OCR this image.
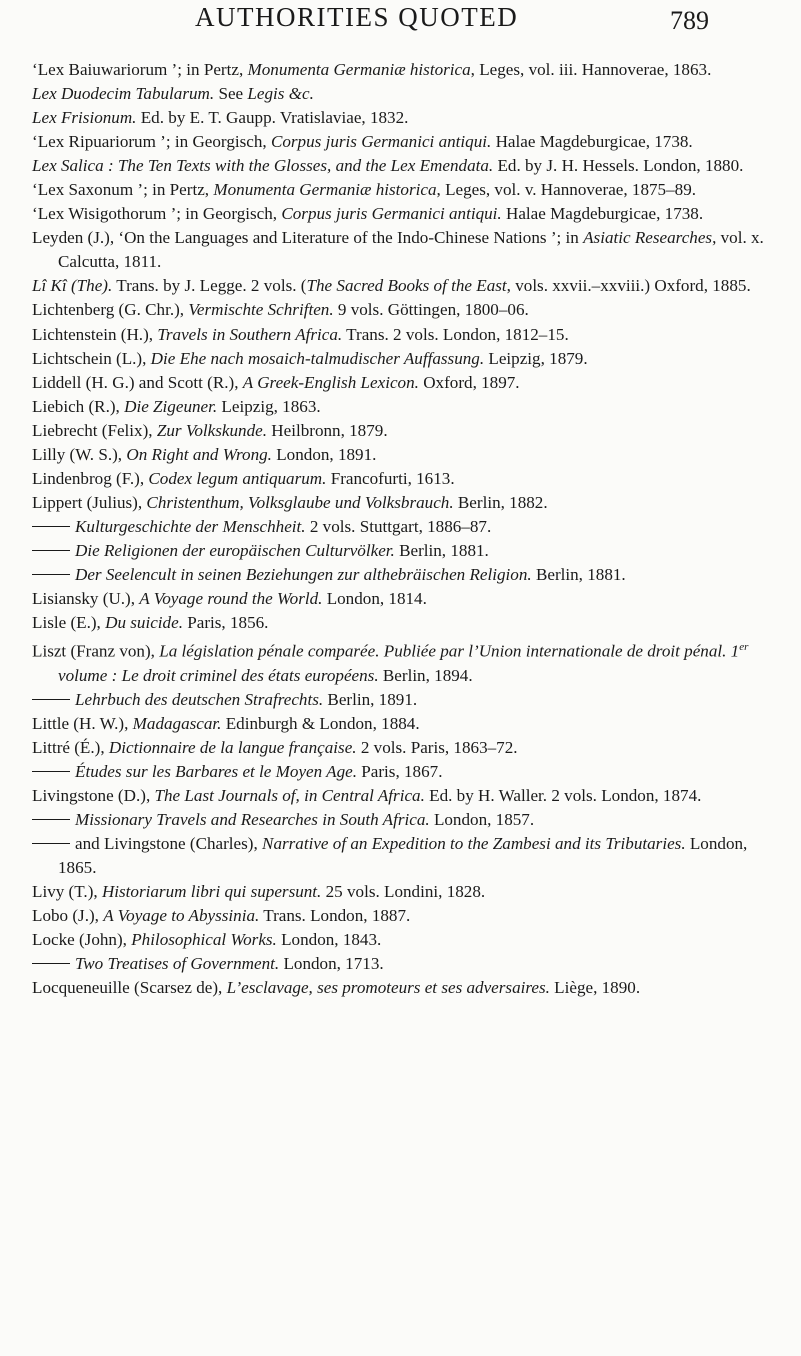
AUTHORITIES QUOTED	789
‘Lex Baiuwariorum ’; in Pertz, Monumenta Germaniæ historica, Leges, vol. iii. Hannoverae, 1863.
Lex Duodecim Tabularum. See Legis &c.
Lex Frisionum. Ed. by E. T. Gaupp. Vratislaviae, 1832.
‘Lex Ripuariorum ’; in Georgisch, Corpus juris Germanici antiqui. Halae Magdeburgicae, 1738.
Lex Salica : The Ten Texts with the Glosses, and the Lex Emendata. Ed. by J. H. Hessels. London, 1880.
‘Lex Saxonum ’; in Pertz, Monumenta Germaniæ historica, Leges, vol. v. Hannoverae, 1875–89.
‘Lex Wisigothorum ’; in Georgisch, Corpus juris Germanici antiqui. Halae Magdeburgicae, 1738.
Leyden (J.), ‘On the Languages and Literature of the Indo-Chinese Nations ’; in Asiatic Researches, vol. x. Calcutta, 1811.
Lî Kî (The). Trans. by J. Legge. 2 vols. (The Sacred Books of the East, vols. xxvii.–xxviii.) Oxford, 1885.
Lichtenberg (G. Chr.), Vermischte Schriften. 9 vols. Göttingen, 1800–06.
Lichtenstein (H.), Travels in Southern Africa. Trans. 2 vols. London, 1812–15.
Lichtschein (L.), Die Ehe nach mosaich-talmudischer Auffassung. Leipzig, 1879.
Liddell (H. G.) and Scott (R.), A Greek-English Lexicon. Oxford, 1897.
Liebich (R.), Die Zigeuner. Leipzig, 1863.
Liebrecht (Felix), Zur Volkskunde. Heilbronn, 1879.
Lilly (W. S.), On Right and Wrong. London, 1891.
Lindenbrog (F.), Codex legum antiquarum. Francofurti, 1613.
Lippert (Julius), Christenthum, Volksglaube und Volksbrauch. Berlin, 1882.
Kulturgeschichte der Menschheit. 2 vols. Stuttgart, 1886–87.
Die Religionen der europäischen Culturvölker. Berlin, 1881.
Der Seelencult in seinen Beziehungen zur althebräischen Religion. Berlin, 1881.
Lisiansky (U.), A Voyage round the World. London, 1814.
Lisle (E.), Du suicide. Paris, 1856.
Liszt (Franz von), La législation pénale comparée. Publiée par l’Union internationale de droit pénal. 1er volume : Le droit criminel des états européens. Berlin, 1894.
Lehrbuch des deutschen Strafrechts. Berlin, 1891.
Little (H. W.), Madagascar. Edinburgh & London, 1884.
Littré (É.), Dictionnaire de la langue française. 2 vols. Paris, 1863–72.
Études sur les Barbares et le Moyen Age. Paris, 1867.
Livingstone (D.), The Last Journals of, in Central Africa. Ed. by H. Waller. 2 vols. London, 1874.
Missionary Travels and Researches in South Africa. London, 1857.
and Livingstone (Charles), Narrative of an Expedition to the Zambesi and its Tributaries. London, 1865.
Livy (T.), Historiarum libri qui supersunt. 25 vols. Londini, 1828.
Lobo (J.), A Voyage to Abyssinia. Trans. London, 1887.
Locke (John), Philosophical Works. London, 1843.
Two Treatises of Government. London, 1713.
Locqueneuille (Scarsez de), L’esclavage, ses promoteurs et ses adversaires. Liège, 1890.
